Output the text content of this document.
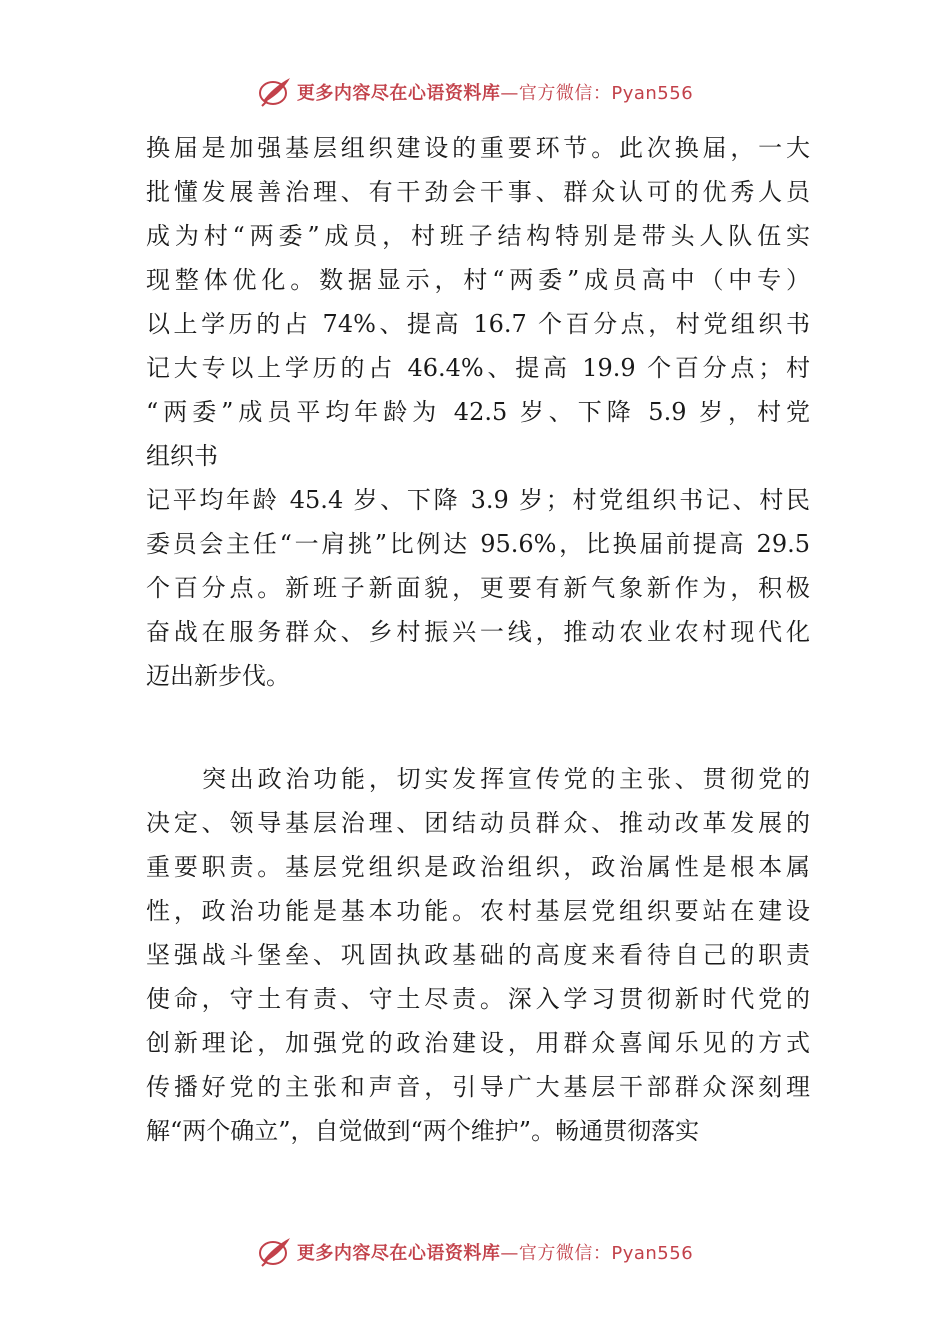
更多内容尽在心语资料库—官方微信：Pyan556
换届是加强基层组织建设的重要环节。此次换届，一大
批懂发展善治理、有干劲会干事、群众认可的优秀人员
成为村“两委”成员，村班子结构特别是带头人队伍实
现整体优化。数据显示，村“两委”成员高中（中专）
以上学历的占 74%、提高 16.7 个百分点，村党组织书
记大专以上学历的占 46.4%、提高 19.9 个百分点；村
“两委”成员平均年龄为 42.5 岁、下降 5.9 岁，村党
组织书
记平均年龄 45.4 岁、下降 3.9 岁；村党组织书记、村民
委员会主任“一肩挑”比例达 95.6%，比换届前提高 29.5
个百分点。新班子新面貌，更要有新气象新作为，积极
奋战在服务群众、乡村振兴一线，推动农业农村现代化
迈出新步伐。
突出政治功能，切实发挥宣传党的主张、贯彻党的
决定、领导基层治理、团结动员群众、推动改革发展的
重要职责。基层党组织是政治组织，政治属性是根本属
性，政治功能是基本功能。农村基层党组织要站在建设
坚强战斗堡垒、巩固执政基础的高度来看待自己的职责
使命，守土有责、守土尽责。深入学习贯彻新时代党的
创新理论，加强党的政治建设，用群众喜闻乐见的方式
传播好党的主张和声音，引导广大基层干部群众深刻理
解“两个确立”，自觉做到“两个维护”。畅通贯彻落实
更多内容尽在心语资料库—官方微信：Pyan556
